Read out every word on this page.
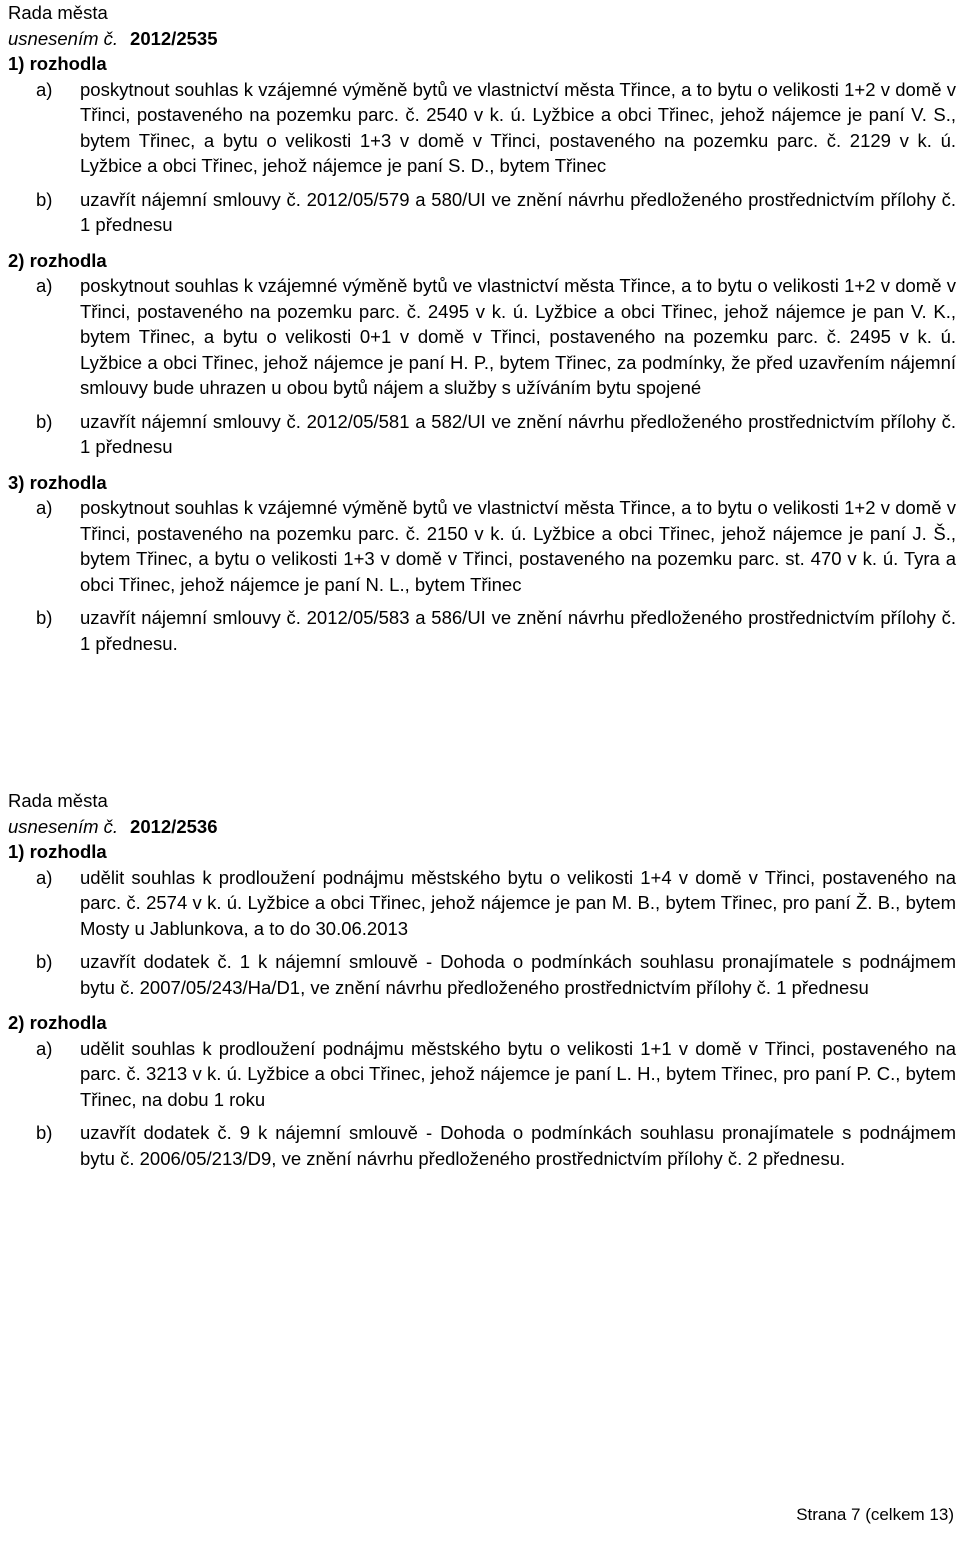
Rada města

usnesením č. 2012/2535

1) rozhodla

a)	poskytnout souhlas k vzájemné výměně bytů ve vlastnictví města Třince, a to bytu o velikosti 1+2 v domě v Třinci, postaveného na pozemku parc. č. 2540 v k. ú. Lyžbice a obci Třinec, jehož nájemce je paní V. S., bytem Třinec, a bytu o velikosti 1+3 v domě v Třinci, postaveného na pozemku parc. č. 2129 v k. ú. Lyžbice a obci Třinec, jehož nájemce je paní S. D., bytem Třinec
b)	uzavřít nájemní smlouvy č. 2012/05/579 a 580/UI ve znění návrhu předloženého prostřednictvím přílohy č. 1 přednesu

2) rozhodla

a)	poskytnout souhlas k vzájemné výměně bytů ve vlastnictví města Třince, a to bytu o velikosti 1+2 v domě v Třinci, postaveného na pozemku parc. č. 2495 v k. ú. Lyžbice a obci Třinec, jehož nájemce je pan V. K., bytem Třinec, a bytu o velikosti 0+1 v domě v Třinci, postaveného na pozemku parc. č. 2495 v k. ú. Lyžbice a obci Třinec, jehož nájemce je paní H. P., bytem Třinec, za podmínky, že před uzavřením nájemní smlouvy bude uhrazen u obou bytů nájem a služby s užíváním bytu spojené
b)	uzavřít nájemní smlouvy č. 2012/05/581 a 582/UI ve znění návrhu předloženého prostřednictvím přílohy č. 1 přednesu

3) rozhodla

a)	poskytnout souhlas k vzájemné výměně bytů ve vlastnictví města Třince, a to bytu o velikosti 1+2 v domě v Třinci, postaveného na pozemku parc. č. 2150 v k. ú. Lyžbice a obci Třinec, jehož nájemce je paní J. Š., bytem Třinec, a bytu o velikosti 1+3 v domě v Třinci, postaveného na pozemku parc. st. 470 v k. ú. Tyra a obci Třinec, jehož nájemce je paní N. L., bytem Třinec
b)	uzavřít nájemní smlouvy č. 2012/05/583 a 586/UI ve znění návrhu předloženého prostřednictvím přílohy č. 1 přednesu.

Rada města

usnesením č. 2012/2536

1) rozhodla

a)	udělit souhlas k prodloužení podnájmu městského bytu o velikosti 1+4 v domě v Třinci, postaveného na parc. č. 2574 v k. ú. Lyžbice a obci Třinec, jehož nájemce je pan M. B., bytem Třinec, pro paní Ž. B., bytem Mosty u Jablunkova, a to do 30.06.2013
b)	uzavřít dodatek č. 1 k nájemní smlouvě - Dohoda o podmínkách souhlasu pronajímatele s podnájmem bytu č. 2007/05/243/Ha/D1, ve znění návrhu předloženého prostřednictvím přílohy č. 1 přednesu

2) rozhodla

a)	udělit souhlas k prodloužení podnájmu městského bytu o velikosti 1+1 v domě v Třinci, postaveného na parc. č. 3213 v k. ú. Lyžbice a obci Třinec, jehož nájemce je paní L. H., bytem Třinec, pro paní P. C., bytem Třinec, na dobu 1 roku
b)	uzavřít dodatek č. 9 k nájemní smlouvě - Dohoda o podmínkách souhlasu pronajímatele s podnájmem bytu č. 2006/05/213/D9, ve znění návrhu předloženého prostřednictvím přílohy č. 2 přednesu.
Strana 7 (celkem 13)
